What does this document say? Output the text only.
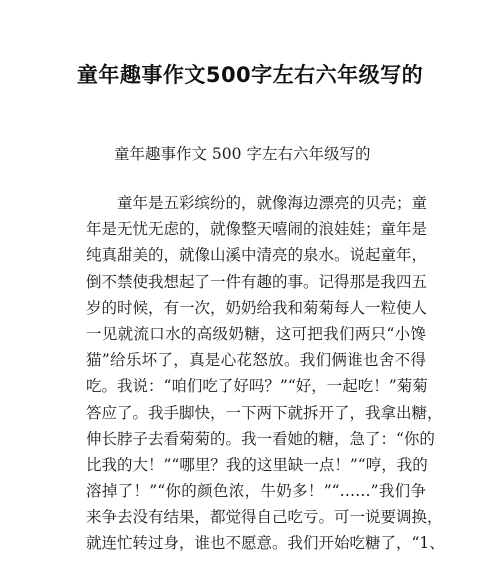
童年趣事作文500字左右六年级写的
童年趣事作文 500 字左右六年级写的
童年是五彩缤纷的，就像海边漂亮的贝壳；童
年是无忧无虑的，就像整天嘻闹的浪娃娃；童年是
纯真甜美的，就像山溪中清亮的泉水。说起童年，
倒不禁使我想起了一件有趣的事。记得那是我四五
岁的时候，有一次，奶奶给我和菊菊每人一粒使人
一见就流口水的高级奶糖，这可把我们两只“小馋
猫”给乐坏了，真是心花怒放。我们俩谁也舍不得
吃。我说：“咱们吃了好吗？”“好，一起吃！”菊菊
答应了。我手脚快，一下两下就拆开了，我拿出糖，
伸长脖子去看菊菊的。我一看她的糖，急了：“你的
比我的大！”“哪里？我的这里缺一点！”“哼，我的
溶掉了！”“你的颜色浓，牛奶多！”“……”我们争
来争去没有结果，都觉得自己吃亏。可一说要调换，
就连忙转过身，谁也不愿意。我们开始吃糖了，“1、
